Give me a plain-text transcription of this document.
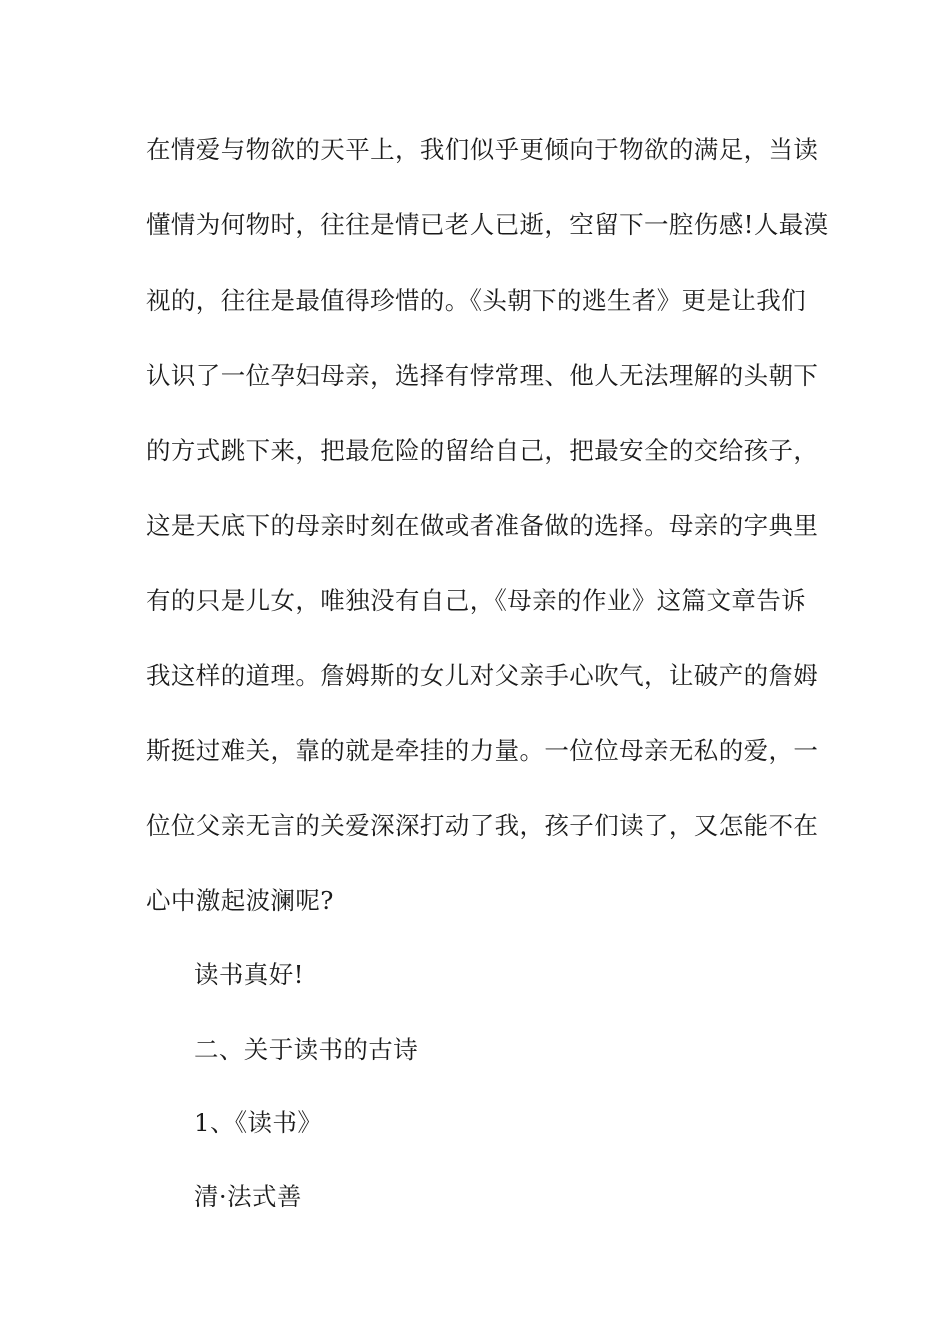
在情爱与物欲的天平上，我们似乎更倾向于物欲的满足，当读
懂情为何物时，往往是情已老人已逝，空留下一腔伤感!人最漠
视的，往往是最值得珍惜的。《头朝下的逃生者》更是让我们
认识了一位孕妇母亲，选择有悖常理、他人无法理解的头朝下
的方式跳下来，把最危险的留给自己，把最安全的交给孩子，
这是天底下的母亲时刻在做或者准备做的选择。母亲的字典里
有的只是儿女，唯独没有自己，《母亲的作业》这篇文章告诉
我这样的道理。詹姆斯的女儿对父亲手心吹气，让破产的詹姆
斯挺过难关，靠的就是牵挂的力量。一位位母亲无私的爱，一
位位父亲无言的关爱深深打动了我，孩子们读了，又怎能不在
心中激起波澜呢?
读书真好!
二、关于读书的古诗
1、《读书》
清·法式善
